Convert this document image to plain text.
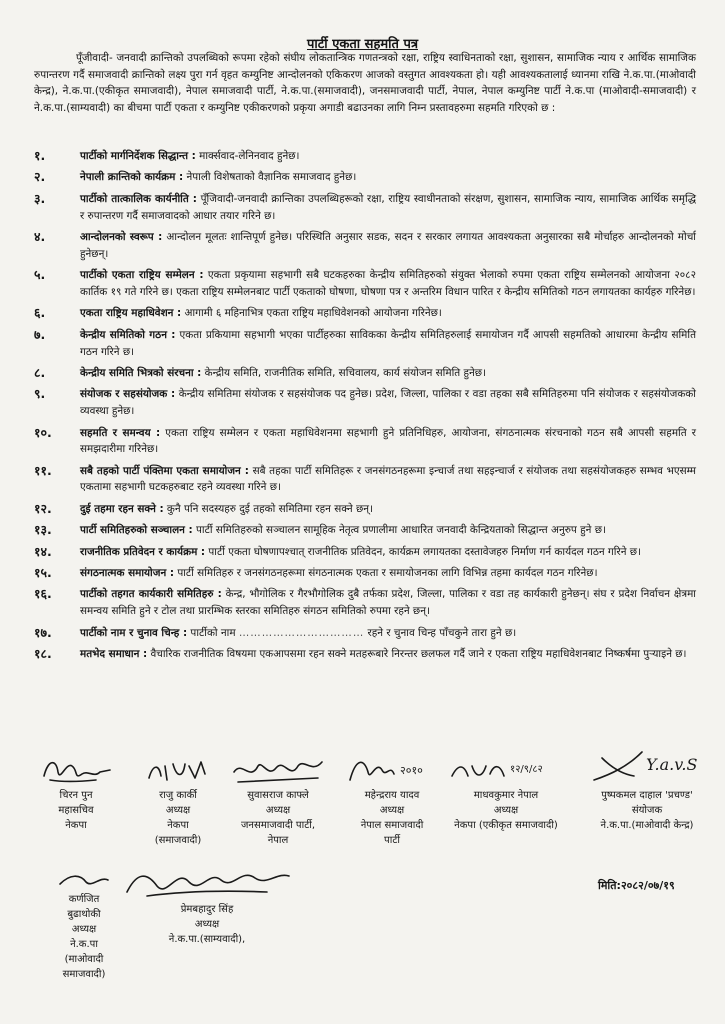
पार्टी एकता सहमति पत्र
पूँजीवादी- जनवादी क्रान्तिको उपलब्धिको रूपमा रहेको संघीय लोकतान्त्रिक गणतन्त्रको रक्षा, राष्ट्रिय स्वाधिनताको रक्षा, सुशासन, सामाजिक न्याय र आर्थिक सामाजिक रुपान्तरण गर्दै समाजवादी क्रान्तिको लक्ष्य पुरा गर्न वृहत कम्युनिष्ट आन्दोलनको एकिकरण आजको वस्तुगत आवश्यकता हो। यही आवश्यकतालाई ध्यानमा राखि ने.क.पा.(माओवादी केन्द्र), ने.क.पा.(एकीकृत समाजवादी), नेपाल समाजवादी पार्टी, ने.क.पा.(समाजवादी), जनसमाजवादी पार्टी, नेपाल, नेपाल कम्युनिष्ट पार्टी ने.क.पा (माओवादी-समाजवादी) र ने.क.पा.(साम्यवादी) का बीचमा पार्टी एकता र कम्युनिष्ट एकीकरणको प्रकृया अगाडी बढाउनका लागि निम्न प्रस्तावहरुमा सहमति गरिएको छ :
१.	पार्टीको मार्गनिर्देशक सिद्धान्त : मार्क्सवाद-लेनिनवाद हुनेछ।
२.	नेपाली क्रान्तिको कार्यक्रम : नेपाली विशेषताको वैज्ञानिक समाजवाद हुनेछ।
३.	पार्टीको तात्कालिक कार्यनीति : पूँजिवादी-जनवादी क्रान्तिका उपलब्धिहरूको रक्षा, राष्ट्रिय स्वाधीनताको संरक्षण, सुशासन, सामाजिक न्याय, सामाजिक आर्थिक समृद्धि र रुपान्तरण गर्दै समाजवादको आधार तयार गरिने छ।
४.	आन्दोलनको स्वरूप : आन्दोलन मूलतः शान्तिपूर्ण हुनेछ। परिस्थिति अनुसार सडक, सदन र सरकार लगायत आवश्यकता अनुसारका सबै मोर्चाहरु आन्दोलनको मोर्चा हुनेछन्।
५.	पार्टीको एकता राष्ट्रिय सम्मेलन : एकता प्रकृयामा सहभागी सबै घटकहरुका केन्द्रीय समितिहरुको संयुक्त भेलाको रुपमा एकता राष्ट्रिय सम्मेलनको आयोजना २०८२ कार्तिक १९ गते गरिने छ। एकता राष्ट्रिय सम्मेलनबाट पार्टी एकताको घोषणा, घोषणा पत्र र अन्तरिम विधान पारित र केन्द्रीय समितिको गठन लगायतका कार्यहरु गरिनेछ।
६.	एकता राष्ट्रिय महाधिवेशन : आगामी ६ महिनाभित्र एकता राष्ट्रिय महाधिवेशनको आयोजना गरिनेछ।
७.	केन्द्रीय समितिको गठन : एकता प्रकियामा सहभागी भएका पार्टीहरुका साविकका केन्द्रीय समितिहरुलाई समायोजन गर्दै आपसी सहमतिको आधारमा केन्द्रीय समिति गठन गरिने छ।
८.	केन्द्रीय समिति भित्रको संरचना : केन्द्रीय समिति, राजनीतिक समिति, सचिवालय, कार्य संयोजन समिति हुनेछ।
९.	संयोजक र सहसंयोजक : केन्द्रीय समितिमा संयोजक र सहसंयोजक पद हुनेछ। प्रदेश, जिल्ला, पालिका र वडा तहका सबै समितिहरुमा पनि संयोजक र सहसंयोजकको व्यवस्था हुनेछ।
१०.	सहमति र समन्वय : एकता राष्ट्रिय सम्मेलन र एकता महाधिवेशनमा सहभागी हुने प्रतिनिधिहरु, आयोजना, संगठनात्मक संरचनाको गठन सबै आपसी सहमति र समझदारीमा गरिनेछ।
११.	सबै तहको पार्टी पंक्तिमा एकता समायोजन : सबै तहका पार्टी समितिहरू र जनसंगठनहरूमा इन्चार्ज तथा सहइन्चार्ज र संयोजक तथा सहसंयोजकहरु सम्भव भएसम्म एकतामा सहभागी घटकहरुबाट रहने व्यवस्था गरिने छ।
१२.	दुई तहमा रहन सक्ने : कुनै पनि सदस्यहरु दुई तहको समितिमा रहन सक्ने छन्।
१३.	पार्टी समितिहरुको सञ्चालन : पार्टी समितिहरुको सञ्चालन सामूहिक नेतृत्व प्रणालीमा आधारित जनवादी केन्द्रियताको सिद्धान्त अनुरुप हुने छ।
१४.	राजनीतिक प्रतिवेदन र कार्यक्रम : पार्टी एकता घोषणापश्चात् राजनीतिक प्रतिवेदन, कार्यक्रम लगायतका दस्तावेजहरु निर्माण गर्न कार्यदल गठन गरिने छ।
१५.	संगठनात्मक समायोजन : पार्टी समितिहरु र जनसंगठनहरूमा संगठनात्मक एकता र समायोजनका लागि विभिन्न तहमा कार्यदल गठन गरिनेछ।
१६.	पार्टीको तहगत कार्यकारी समितिहरु : केन्द्र, भौगोलिक र गैरभौगोलिक दुबै तर्फका प्रदेश, जिल्ला, पालिका र वडा तह कार्यकारी हुनेछन्। संघ र प्रदेश निर्वाचन क्षेत्रमा समन्वय समिति हुने र टोल तथा प्रारम्भिक स्तरका समितिहरु संगठन समितिको रुपमा रहने छन्।
१७.	पार्टीको नाम र चुनाव चिन्ह : पार्टीको नाम …………………………… रहने र चुनाव चिन्ह पाँचकुने तारा हुने छ।
१८.	मतभेद समाधान : वैचारिक राजनीतिक विषयमा एकआपसमा रहन सक्ने मतहरूबारे निरन्तर छलफल गर्दै जाने र एकता राष्ट्रिय महाधिवेशनबाट निष्कर्षमा पुऱ्याइने छ।
चिरन पुन
महासचिव
नेकपा
राजु कार्की
अध्यक्ष
नेकपा
(समाजवादी)
सुवासराज काफ्ले
अध्यक्ष
जनसमाजवादी पार्टी,
नेपाल
२०१०
महेन्द्रराय यादव
अध्यक्ष
नेपाल समाजवादी
पार्टी
१२/९/८२
माधवकुमार नेपाल
अध्यक्ष
नेकपा (एकीकृत समाजवादी)
Y.a.v.S
पुष्पकमल दाहाल 'प्रचण्ड'
संयोजक
ने.क.पा.(माओवादी केन्द्र)
कर्णजित
बुढाथोकी
अध्यक्ष
ने.क.पा
(माओवादी
समाजवादी)
प्रेमबहादुर सिंह
अध्यक्ष
ने.क.पा.(साम्यवादी),
मिति:२०८२/०७/१९
